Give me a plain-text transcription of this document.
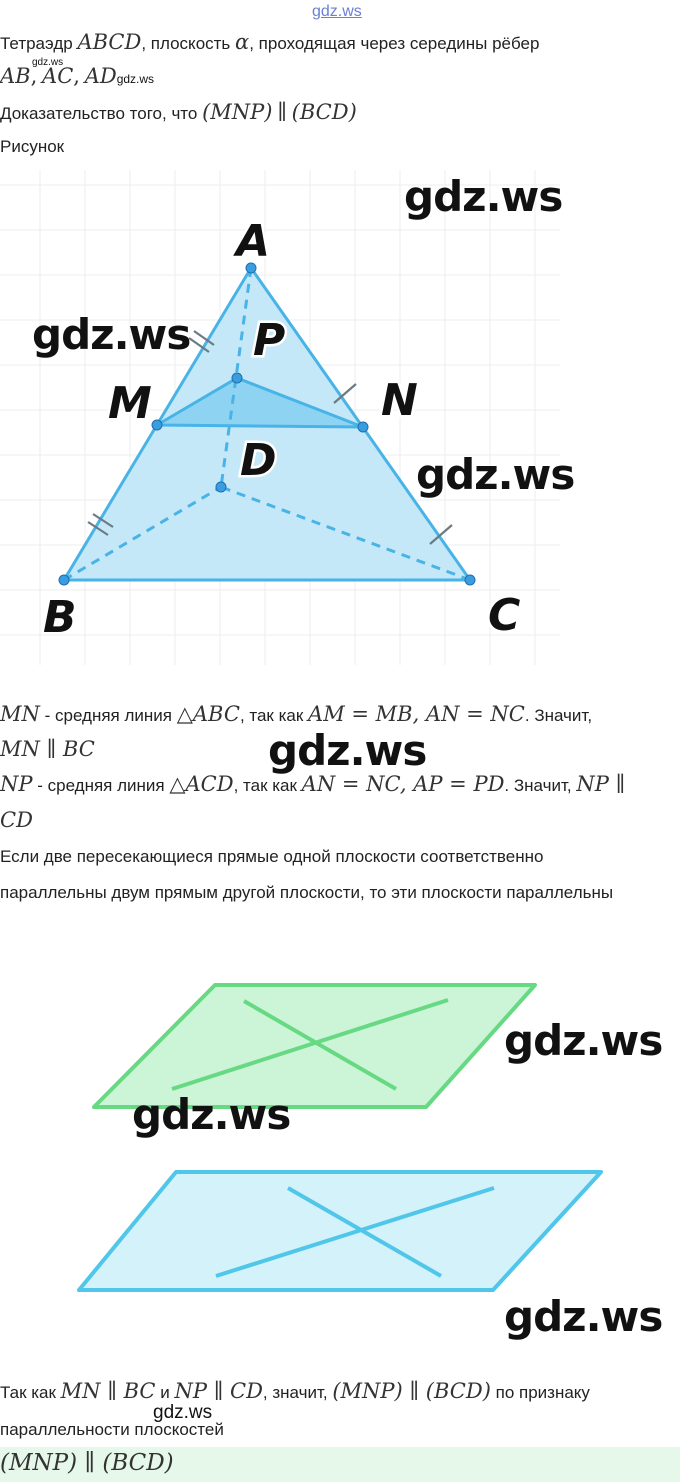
gdz.ws
Тетраэдр ABCD, плоскость α, проходящая через середины рёбер
gdz.ws
AB, AC, ADgdz.ws
Доказательство того, что (MNP) ∥ (BCD)
Рисунок
A
P
M	N
D
B	C
gdz.ws
gdz.ws
gdz.ws
MN - средняя линия △ABC, так как AM = MB, AN = NC. Значит,
MN ∥ BC	gdz.ws
NP - средняя линия △ACD, так как AN = NC, AP = PD. Значит, NP ∥
CD
Если две пересекающиеся прямые одной плоскости соответственно
параллельны двум прямым другой плоскости, то эти плоскости параллельны
gdz.ws
gdz.ws
gdz.ws
Так как MN ∥ BC и NP ∥ CD, значит, (MNP) ∥ (BCD) по признаку
параллельности плоскостей
gdz.ws
(MNP) ∥ (BCD)
